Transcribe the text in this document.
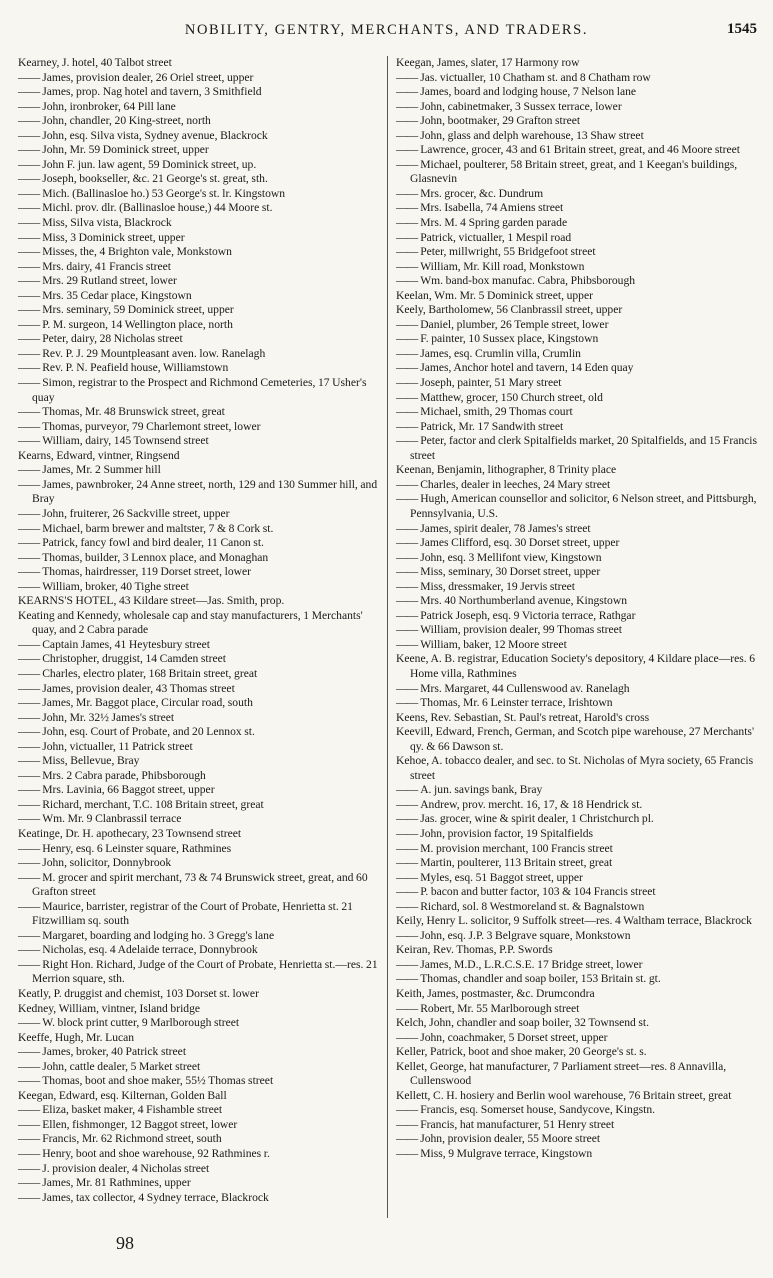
NOBILITY, GENTRY, MERCHANTS, AND TRADERS.	1545
Kearney, J. hotel, 40 Talbot street
—— James, provision dealer, 26 Oriel street, upper
—— James, prop. Nag hotel and tavern, 3 Smithfield
—— John, ironbroker, 64 Pill lane
—— John, chandler, 20 King-street, north
—— John, esq. Silva vista, Sydney avenue, Blackrock
—— John, Mr. 59 Dominick street, upper
—— John F. jun. law agent, 59 Dominick street, up.
—— Joseph, bookseller, &c. 21 George's st. great, sth.
—— Mich. (Ballinasloe ho.) 53 George's st. lr. Kingstown
—— Michl. prov. dlr. (Ballinasloe house,) 44 Moore st.
—— Miss, Silva vista, Blackrock
—— Miss, 3 Dominick street, upper
—— Misses, the, 4 Brighton vale, Monkstown
—— Mrs. dairy, 41 Francis street
—— Mrs. 29 Rutland street, lower
—— Mrs. 35 Cedar place, Kingstown
—— Mrs. seminary, 59 Dominick street, upper
—— P. M. surgeon, 14 Wellington place, north
—— Peter, dairy, 28 Nicholas street
—— Rev. P. J. 29 Mountpleasant aven. low. Ranelagh
—— Rev. P. N. Peafield house, Williamstown
—— Simon, registrar to the Prospect and Richmond Cemeteries, 17 Usher's quay
—— Thomas, Mr. 48 Brunswick street, great
—— Thomas, purveyor, 79 Charlemont street, lower
—— William, dairy, 145 Townsend street
Kearns, Edward, vintner, Ringsend
—— James, Mr. 2 Summer hill
—— James, pawnbroker, 24 Anne street, north, 129 and 130 Summer hill, and Bray
—— John, fruiterer, 26 Sackville street, upper
—— Michael, barm brewer and maltster, 7 & 8 Cork st.
—— Patrick, fancy fowl and bird dealer, 11 Canon st.
—— Thomas, builder, 3 Lennox place, and Monaghan
—— Thomas, hairdresser, 119 Dorset street, lower
—— William, broker, 40 Tighe street
KEARNS'S HOTEL, 43 Kildare street—Jas. Smith, prop.
Keating and Kennedy, wholesale cap and stay manufacturers, 1 Merchants' quay, and 2 Cabra parade
—— Captain James, 41 Heytesbury street
—— Christopher, druggist, 14 Camden street
—— Charles, electro plater, 168 Britain street, great
—— James, provision dealer, 43 Thomas street
—— James, Mr. Baggot place, Circular road, south
—— John, Mr. 32½ James's street
—— John, esq. Court of Probate, and 20 Lennox st.
—— John, victualler, 11 Patrick street
—— Miss, Bellevue, Bray
—— Mrs. 2 Cabra parade, Phibsborough
—— Mrs. Lavinia, 66 Baggot street, upper
—— Richard, merchant, T.C. 108 Britain street, great
—— Wm. Mr. 9 Clanbrassil terrace
Keatinge, Dr. H. apothecary, 23 Townsend street
—— Henry, esq. 6 Leinster square, Rathmines
—— John, solicitor, Donnybrook
—— M. grocer and spirit merchant, 73 & 74 Brunswick street, great, and 60 Grafton street
—— Maurice, barrister, registrar of the Court of Probate, Henrietta st. 21 Fitzwilliam sq. south
—— Margaret, boarding and lodging ho. 3 Gregg's lane
—— Nicholas, esq. 4 Adelaide terrace, Donnybrook
—— Right Hon. Richard, Judge of the Court of Probate, Henrietta st.—res. 21 Merrion square, sth.
Keatly, P. druggist and chemist, 103 Dorset st. lower
Kedney, William, vintner, Island bridge
—— W. block print cutter, 9 Marlborough street
Keeffe, Hugh, Mr. Lucan
—— James, broker, 40 Patrick street
—— John, cattle dealer, 5 Market street
—— Thomas, boot and shoe maker, 55½ Thomas street
Keegan, Edward, esq. Kilternan, Golden Ball
—— Eliza, basket maker, 4 Fishamble street
—— Ellen, fishmonger, 12 Baggot street, lower
—— Francis, Mr. 62 Richmond street, south
—— Henry, boot and shoe warehouse, 92 Rathmines r.
—— J. provision dealer, 4 Nicholas street
—— James, Mr. 81 Rathmines, upper
—— James, tax collector, 4 Sydney terrace, Blackrock
Keegan, James, slater, 17 Harmony row
—— Jas. victualler, 10 Chatham st. and 8 Chatham row
—— James, board and lodging house, 7 Nelson lane
—— John, cabinetmaker, 3 Sussex terrace, lower
—— John, bootmaker, 29 Grafton street
—— John, glass and delph warehouse, 13 Shaw street
—— Lawrence, grocer, 43 and 61 Britain street, great, and 46 Moore street
—— Michael, poulterer, 58 Britain street, great, and 1 Keegan's buildings, Glasnevin
—— Mrs. grocer, &c. Dundrum
—— Mrs. Isabella, 74 Amiens street
—— Mrs. M. 4 Spring garden parade
—— Patrick, victualler, 1 Mespil road
—— Peter, millwright, 55 Bridgefoot street
—— William, Mr. Kill road, Monkstown
—— Wm. band-box manufac. Cabra, Phibsborough
Keelan, Wm. Mr. 5 Dominick street, upper
Keely, Bartholomew, 56 Clanbrassil street, upper
—— Daniel, plumber, 26 Temple street, lower
—— F. painter, 10 Sussex place, Kingstown
—— James, esq. Crumlin villa, Crumlin
—— James, Anchor hotel and tavern, 14 Eden quay
—— Joseph, painter, 51 Mary street
—— Matthew, grocer, 150 Church street, old
—— Michael, smith, 29 Thomas court
—— Patrick, Mr. 17 Sandwith street
—— Peter, factor and clerk Spitalfields market, 20 Spitalfields, and 15 Francis street
Keenan, Benjamin, lithographer, 8 Trinity place
—— Charles, dealer in leeches, 24 Mary street
—— Hugh, American counsellor and solicitor, 6 Nelson street, and Pittsburgh, Pennsylvania, U.S.
—— James, spirit dealer, 78 James's street
—— James Clifford, esq. 30 Dorset street, upper
—— John, esq. 3 Mellifont view, Kingstown
—— Miss, seminary, 30 Dorset street, upper
—— Miss, dressmaker, 19 Jervis street
—— Mrs. 40 Northumberland avenue, Kingstown
—— Patrick Joseph, esq. 9 Victoria terrace, Rathgar
—— William, provision dealer, 99 Thomas street
—— William, baker, 12 Moore street
Keene, A. B. registrar, Education Society's depository, 4 Kildare place—res. 6 Home villa, Rathmines
—— Mrs. Margaret, 44 Cullenswood av. Ranelagh
—— Thomas, Mr. 6 Leinster terrace, Irishtown
Keens, Rev. Sebastian, St. Paul's retreat, Harold's cross
Keevill, Edward, French, German, and Scotch pipe warehouse, 27 Merchants' qy. & 66 Dawson st.
Kehoe, A. tobacco dealer, and sec. to St. Nicholas of Myra society, 65 Francis street
—— A. jun. savings bank, Bray
—— Andrew, prov. mercht. 16, 17, & 18 Hendrick st.
—— Jas. grocer, wine & spirit dealer, 1 Christchurch pl.
—— John, provision factor, 19 Spitalfields
—— M. provision merchant, 100 Francis street
—— Martin, poulterer, 113 Britain street, great
—— Myles, esq. 51 Baggot street, upper
—— P. bacon and butter factor, 103 & 104 Francis street
—— Richard, sol. 8 Westmoreland st. & Bagnalstown
Keily, Henry L. solicitor, 9 Suffolk street—res. 4 Waltham terrace, Blackrock
—— John, esq. J.P. 3 Belgrave square, Monkstown
Keiran, Rev. Thomas, P.P. Swords
—— James, M.D., L.R.C.S.E. 17 Bridge street, lower
—— Thomas, chandler and soap boiler, 153 Britain st. gt.
Keith, James, postmaster, &c. Drumcondra
—— Robert, Mr. 55 Marlborough street
Kelch, John, chandler and soap boiler, 32 Townsend st.
—— John, coachmaker, 5 Dorset street, upper
Keller, Patrick, boot and shoe maker, 20 George's st. s.
Kellet, George, hat manufacturer, 7 Parliament street—res. 8 Annavilla, Cullenswood
Kellett, C. H. hosiery and Berlin wool warehouse, 76 Britain street, great
—— Francis, esq. Somerset house, Sandycove, Kingstn.
—— Francis, hat manufacturer, 51 Henry street
—— John, provision dealer, 55 Moore street
—— Miss, 9 Mulgrave terrace, Kingstown
98
